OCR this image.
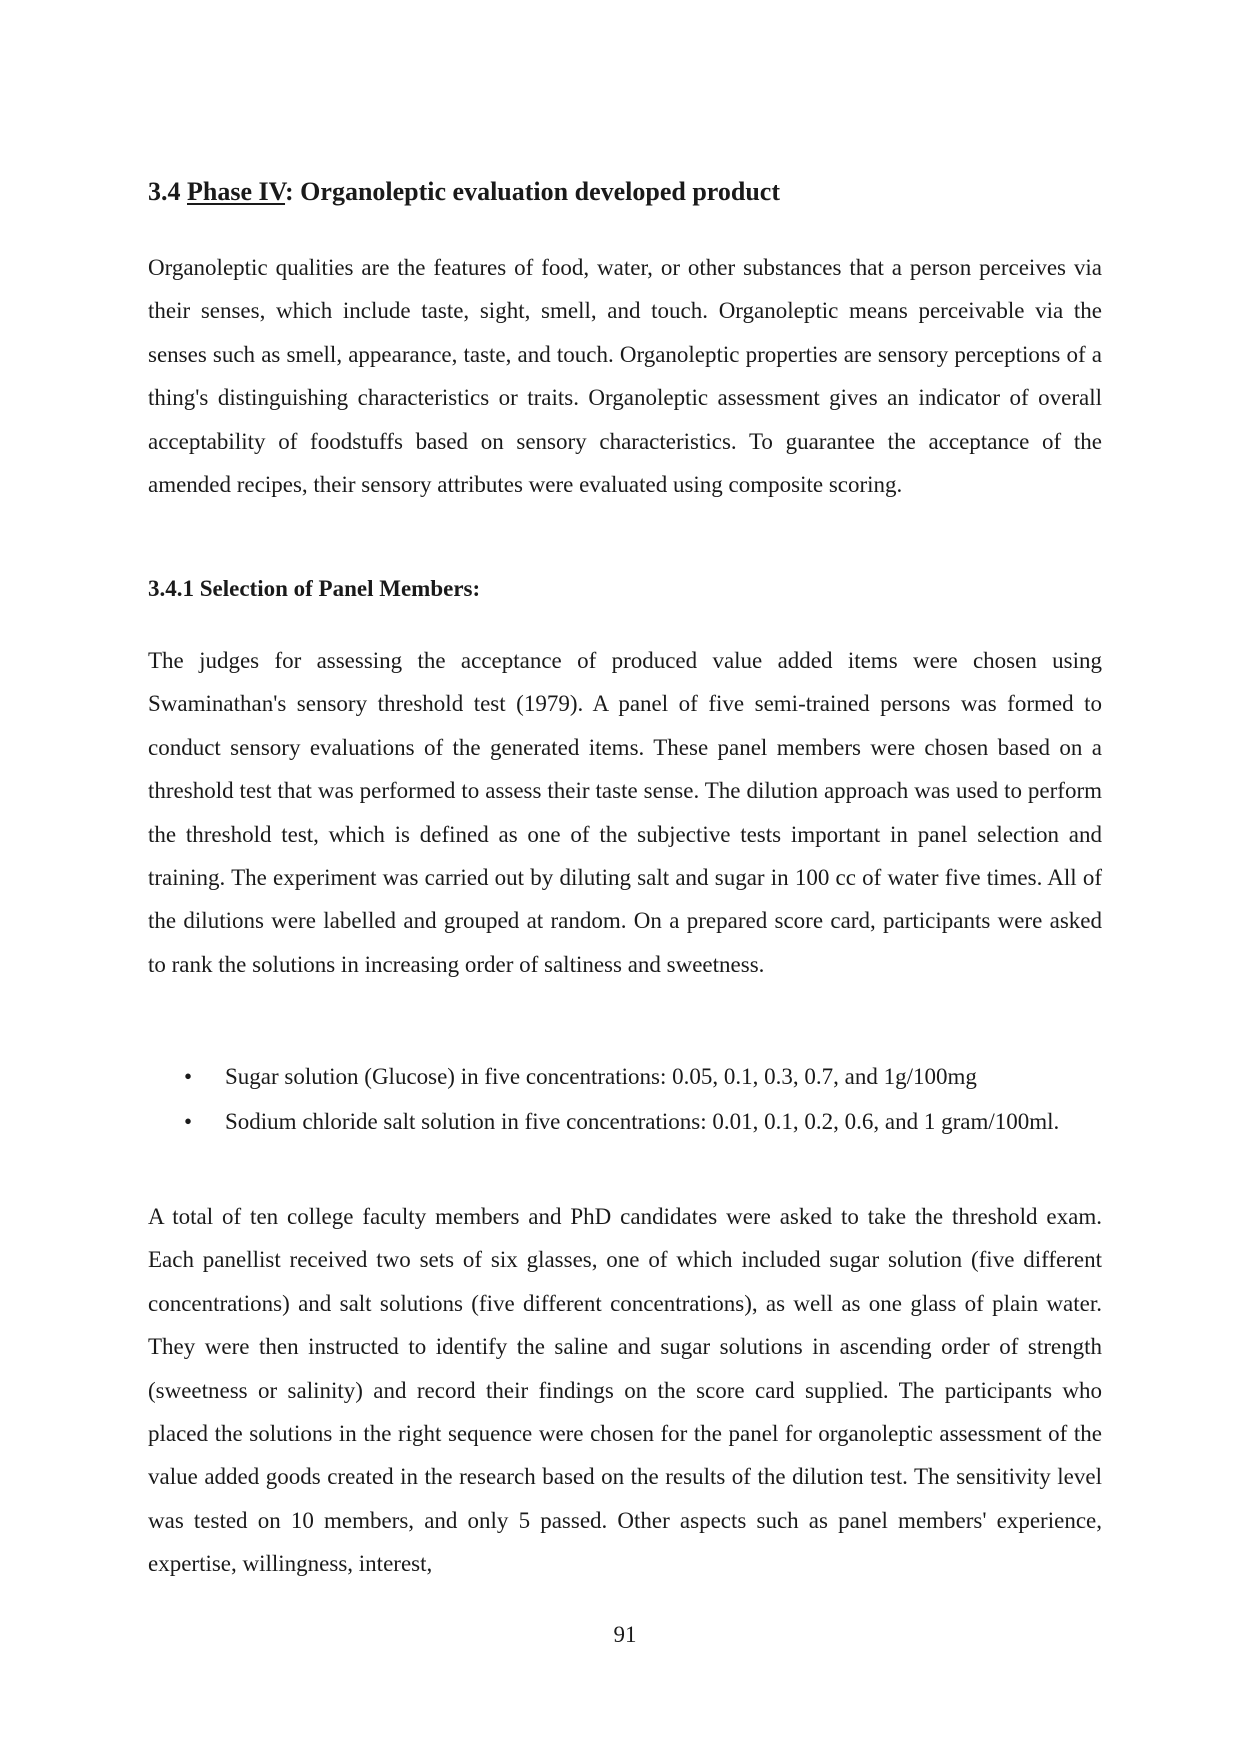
3.4 Phase IV: Organoleptic evaluation developed product

Organoleptic qualities are the features of food, water, or other substances that a person perceives via their senses, which include taste, sight, smell, and touch. Organoleptic means perceivable via the senses such as smell, appearance, taste, and touch. Organoleptic properties are sensory perceptions of a thing's distinguishing characteristics or traits. Organoleptic assessment gives an indicator of overall acceptability of foodstuffs based on sensory characteristics. To guarantee the acceptance of the amended recipes, their sensory attributes were evaluated using composite scoring.

3.4.1 Selection of Panel Members:

The judges for assessing the acceptance of produced value added items were chosen using Swaminathan's sensory threshold test (1979). A panel of five semi-trained persons was formed to conduct sensory evaluations of the generated items. These panel members were chosen based on a threshold test that was performed to assess their taste sense. The dilution approach was used to perform the threshold test, which is defined as one of the subjective tests important in panel selection and training. The experiment was carried out by diluting salt and sugar in 100 cc of water five times. All of the dilutions were labelled and grouped at random. On a prepared score card, participants were asked to rank the solutions in increasing order of saltiness and sweetness.

• Sugar solution (Glucose) in five concentrations: 0.05, 0.1, 0.3, 0.7, and 1g/100mg
• Sodium chloride salt solution in five concentrations: 0.01, 0.1, 0.2, 0.6, and 1 gram/100ml.

A total of ten college faculty members and PhD candidates were asked to take the threshold exam. Each panellist received two sets of six glasses, one of which included sugar solution (five different concentrations) and salt solutions (five different concentrations), as well as one glass of plain water. They were then instructed to identify the saline and sugar solutions in ascending order of strength (sweetness or salinity) and record their findings on the score card supplied. The participants who placed the solutions in the right sequence were chosen for the panel for organoleptic assessment of the value added goods created in the research based on the results of the dilution test. The sensitivity level was tested on 10 members, and only 5 passed. Other aspects such as panel members' experience, expertise, willingness, interest,

91
